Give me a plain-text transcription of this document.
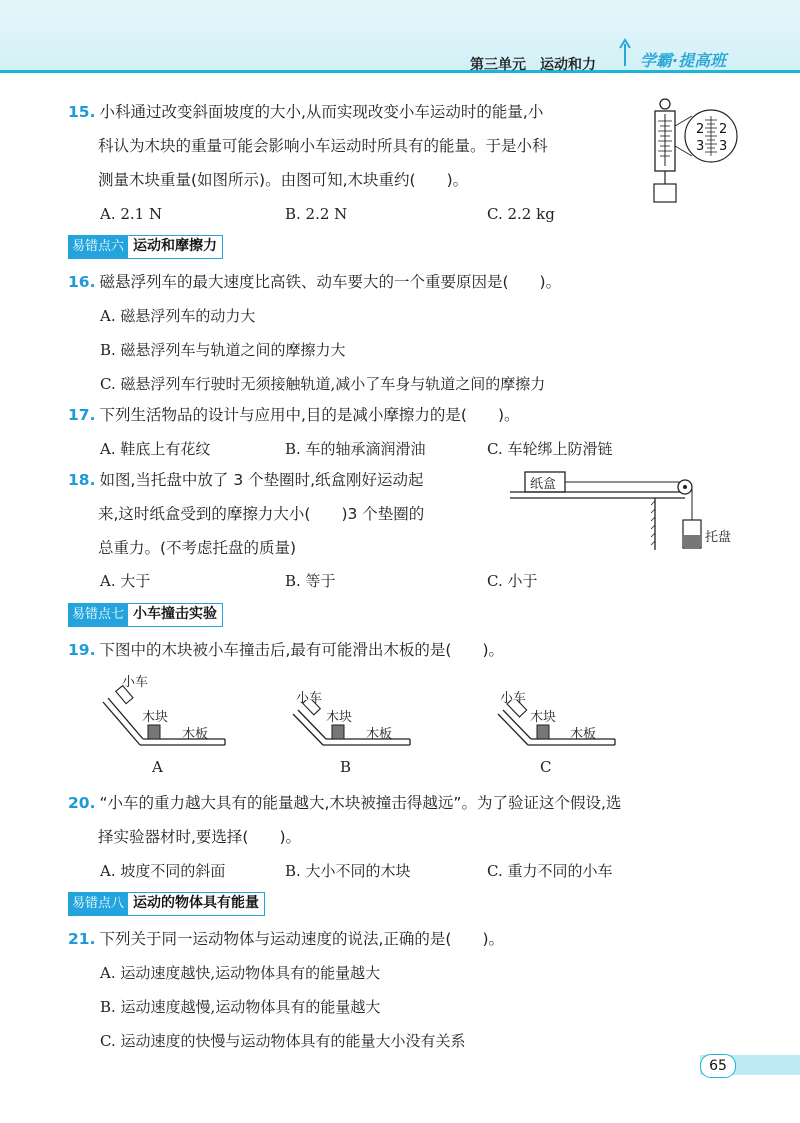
第三单元　运动和力	学霸·提高班
15. 小科通过改变斜面坡度的大小,从而实现改变小车运动时的能量,小
科认为木块的重量可能会影响小车运动时所具有的能量。于是小科
测量木块重量(如图所示)。由图可知,木块重约(　　)。
A. 2.1 N	B. 2.2 N	C. 2.2 kg
2
3
2
3
易错点六 运动和摩擦力
16. 磁悬浮列车的最大速度比高铁、动车要大的一个重要原因是(　　)。
A. 磁悬浮列车的动力大
B. 磁悬浮列车与轨道之间的摩擦力大
C. 磁悬浮列车行驶时无须接触轨道,减小了车身与轨道之间的摩擦力
17. 下列生活物品的设计与应用中,目的是减小摩擦力的是(　　)。
A. 鞋底上有花纹	B. 车的轴承滴润滑油	C. 车轮绑上防滑链
18. 如图,当托盘中放了 3 个垫圈时,纸盒刚好运动起
来,这时纸盒受到的摩擦力大小(　　)3 个垫圈的
总重力。(不考虑托盘的质量)
A. 大于	B. 等于	C. 小于
纸盒
托盘
易错点七 小车撞击实验
19. 下图中的木块被小车撞击后,最有可能滑出木板的是(　　)。
小车
木块
木板
A
小车
木块
木板
B
小车
木块
木板
C
20. “小车的重力越大具有的能量越大,木块被撞击得越远”。为了验证这个假设,选
择实验器材时,要选择(　　)。
A. 坡度不同的斜面	B. 大小不同的木块	C. 重力不同的小车
易错点八 运动的物体具有能量
21. 下列关于同一运动物体与运动速度的说法,正确的是(　　)。
A. 运动速度越快,运动物体具有的能量越大
B. 运动速度越慢,运动物体具有的能量越大
C. 运动速度的快慢与运动物体具有的能量大小没有关系
65
